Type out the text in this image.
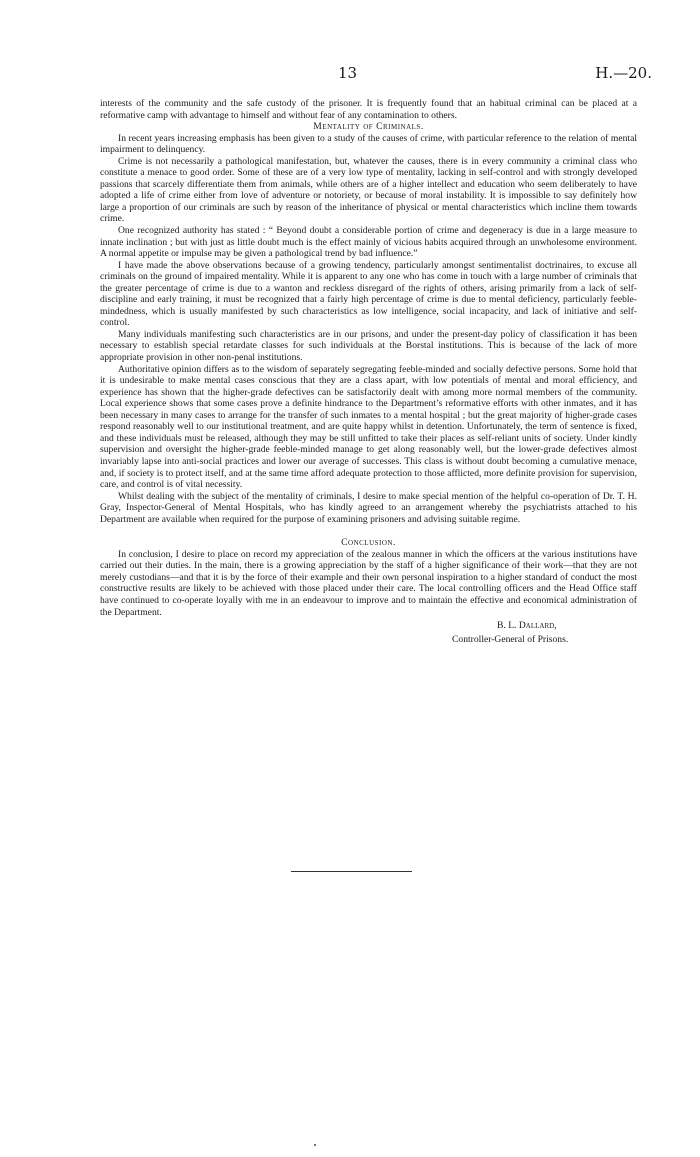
13	H.—20.

interests of the community and the safe custody of the prisoner. It is frequently found that an habitual criminal can be placed at a reformative camp with advantage to himself and without fear of any contamination to others.

Mentality of Criminals.

In recent years increasing emphasis has been given to a study of the causes of crime, with particular reference to the relation of mental impairment to delinquency.

Crime is not necessarily a pathological manifestation, but, whatever the causes, there is in every community a criminal class who constitute a menace to good order. Some of these are of a very low type of mentality, lacking in self-control and with strongly developed passions that scarcely differentiate them from animals, while others are of a higher intellect and education who seem deliberately to have adopted a life of crime either from love of adventure or notoriety, or because of moral instability. It is impossible to say definitely how large a proportion of our criminals are such by reason of the inheritance of physical or mental characteristics which incline them towards crime.

One recognized authority has stated : “ Beyond doubt a considerable portion of crime and degeneracy is due in a large measure to innate inclination ; but with just as little doubt much is the effect mainly of vicious habits acquired through an unwholesome environment. A normal appetite or impulse may be given a pathological trend by bad influence.”

I have made the above observations because of a growing tendency, particularly amongst sentimentalist doctrinaires, to excuse all criminals on the ground of impaired mentality. While it is apparent to any one who has come in touch with a large number of criminals that the greater percentage of crime is due to a wanton and reckless disregard of the rights of others, arising primarily from a lack of self-discipline and early training, it must be recognized that a fairly high percentage of crime is due to mental deficiency, particularly feeble-mindedness, which is usually manifested by such characteristics as low intelligence, social incapacity, and lack of initiative and self-control.

Many individuals manifesting such characteristics are in our prisons, and under the present-day policy of classification it has been necessary to establish special retardate classes for such individuals at the Borstal institutions. This is because of the lack of more appropriate provision in other non-penal institutions.

Authoritative opinion differs as to the wisdom of separately segregating feeble-minded and socially defective persons. Some hold that it is undesirable to make mental cases conscious that they are a class apart, with low potentials of mental and moral efficiency, and experience has shown that the higher-grade defectives can be satisfactorily dealt with among more normal members of the community. Local experience shows that some cases prove a definite hindrance to the Department’s reformative efforts with other inmates, and it has been necessary in many cases to arrange for the transfer of such inmates to a mental hospital ; but the great majority of higher-grade cases respond reasonably well to our institutional treatment, and are quite happy whilst in detention. Unfortunately, the term of sentence is fixed, and these individuals must be released, although they may be still unfitted to take their places as self-reliant units of society. Under kindly supervision and oversight the higher-grade feeble-minded manage to get along reasonably well, but the lower-grade defectives almost invariably lapse into anti-social practices and lower our average of successes. This class is without doubt becoming a cumulative menace, and, if society is to protect itself, and at the same time afford adequate protection to those afflicted, more definite provision for supervision, care, and control is of vital necessity.

Whilst dealing with the subject of the mentality of criminals, I desire to make special mention of the helpful co-operation of Dr. T. H. Gray, Inspector-General of Mental Hospitals, who has kindly agreed to an arrangement whereby the psychiatrists attached to his Department are available when required for the purpose of examining prisoners and advising suitable regime.

Conclusion.

In conclusion, I desire to place on record my appreciation of the zealous manner in which the officers at the various institutions have carried out their duties. In the main, there is a growing appreciation by the staff of a higher significance of their work—that they are not merely custodians—and that it is by the force of their example and their own personal inspiration to a higher standard of conduct the most constructive results are likely to be achieved with those placed under their care. The local controlling officers and the Head Office staff have continued to co-operate loyally with me in an endeavour to improve and to maintain the effective and economical administration of the Department.

B. L. Dallard,

Controller-General of Prisons.
